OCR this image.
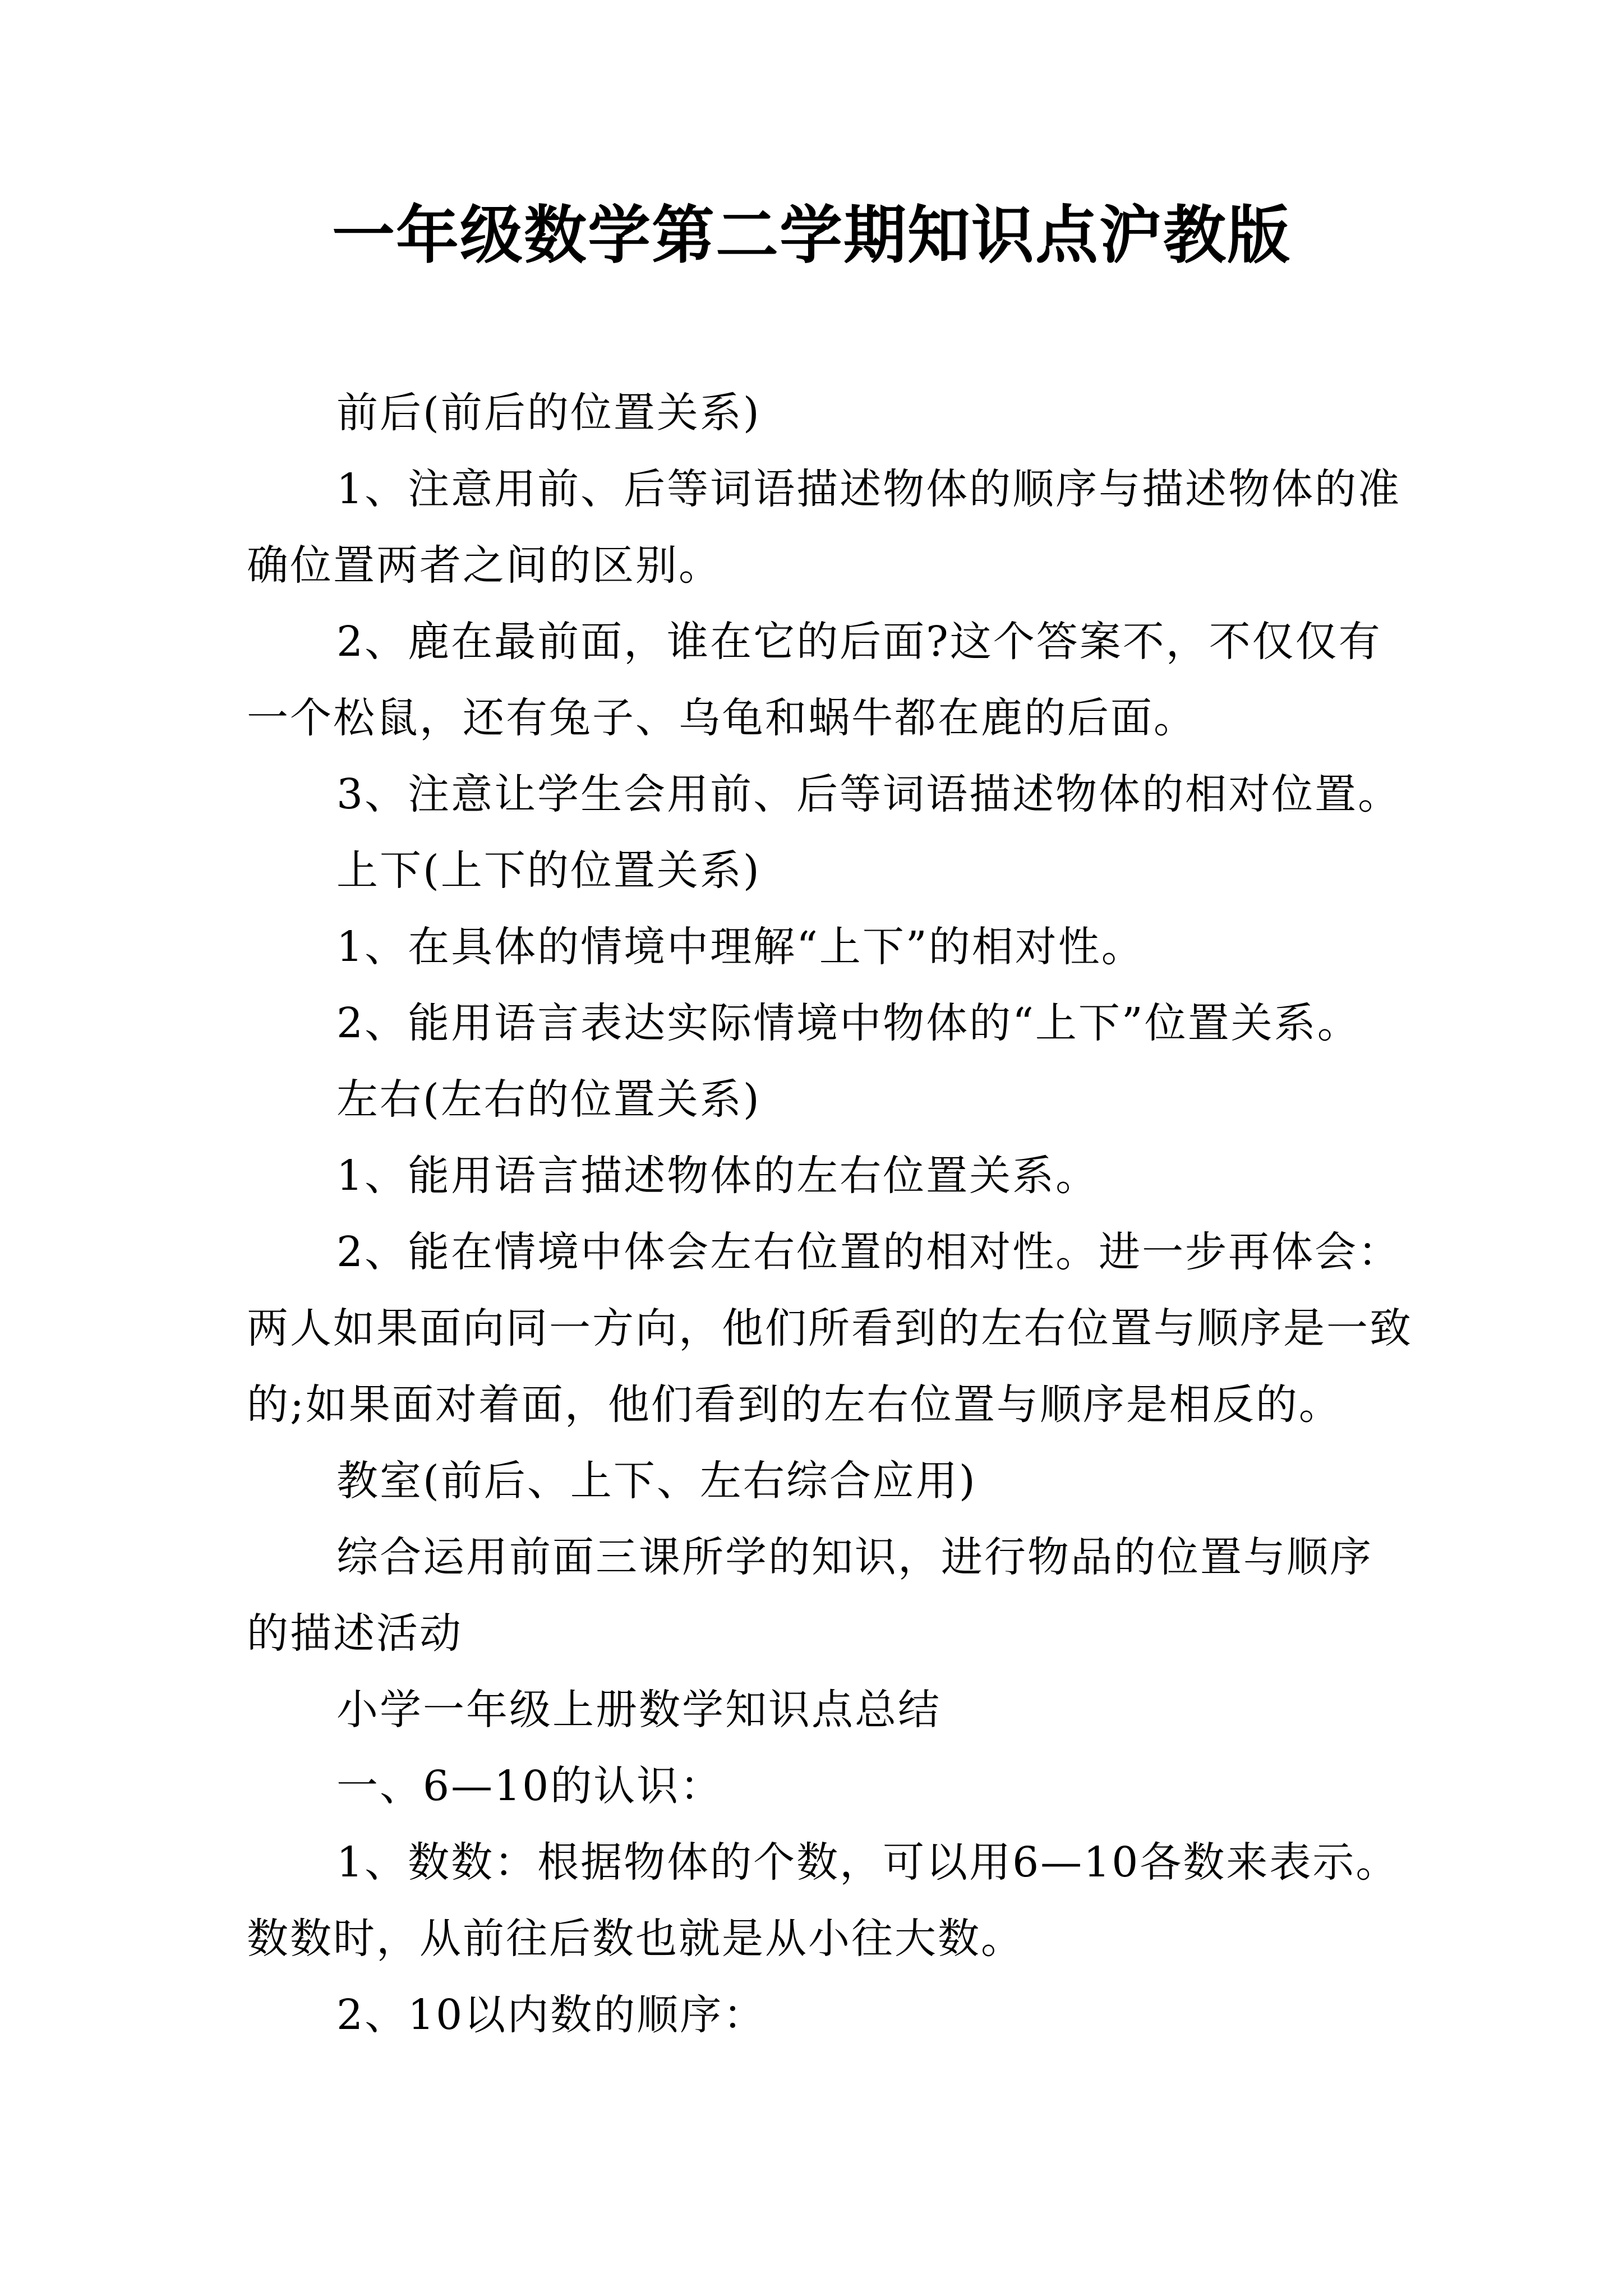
一年级数学第二学期知识点沪教版

前后(前后的位置关系)

1、注意用前、后等词语描述物体的顺序与描述物体的准确位置两者之间的区别。

2、鹿在最前面，谁在它的后面?这个答案不，不仅仅有一个松鼠，还有兔子、乌龟和蜗牛都在鹿的后面。

3、注意让学生会用前、后等词语描述物体的相对位置。

上下(上下的位置关系)

1、在具体的情境中理解“上下”的相对性。

2、能用语言表达实际情境中物体的“上下”位置关系。

左右(左右的位置关系)

1、能用语言描述物体的左右位置关系。

2、能在情境中体会左右位置的相对性。进一步再体会：两人如果面向同一方向，他们所看到的左右位置与顺序是一致的;如果面对着面，他们看到的左右位置与顺序是相反的。

教室(前后、上下、左右综合应用)

综合运用前面三课所学的知识，进行物品的位置与顺序的描述活动

小学一年级上册数学知识点总结

一、6—10的认识：

1、数数：根据物体的个数，可以用6—10各数来表示。数数时，从前往后数也就是从小往大数。

2、10以内数的顺序：
